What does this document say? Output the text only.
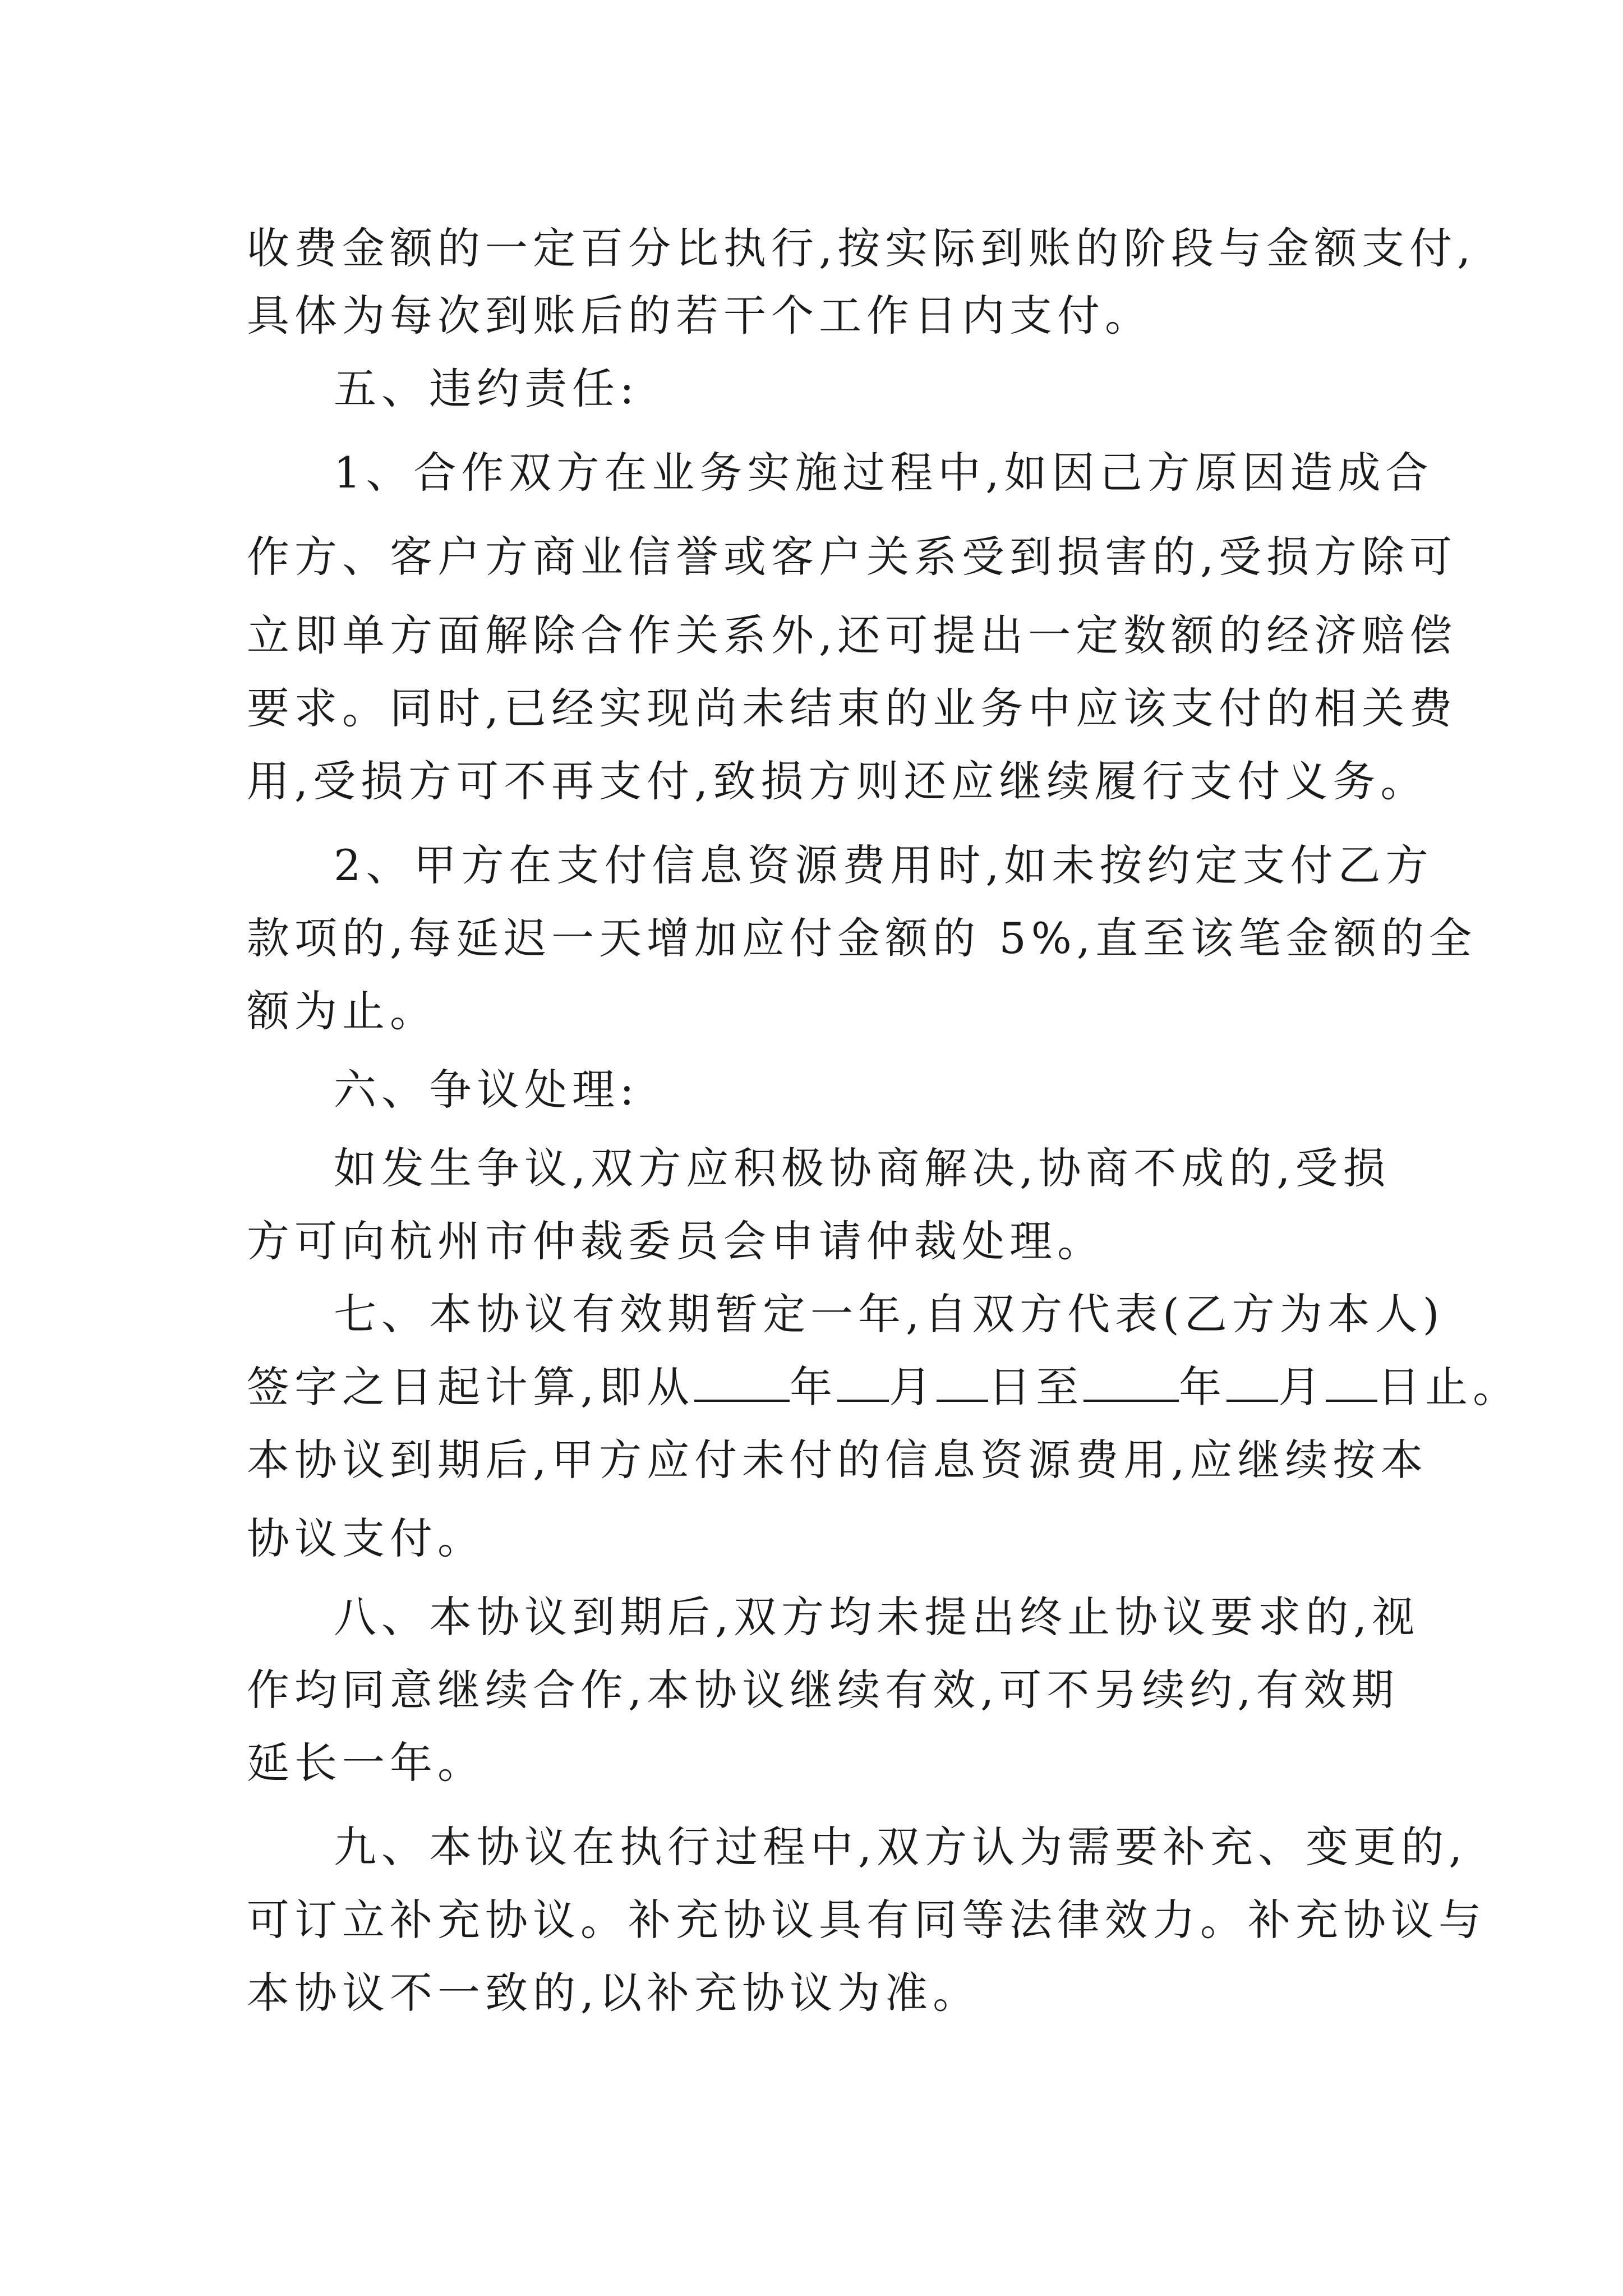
收费金额的一定百分比执行,按实际到账的阶段与金额支付,
具体为每次到账后的若干个工作日内支付。
五、违约责任:
1、合作双方在业务实施过程中,如因己方原因造成合
作方、客户方商业信誉或客户关系受到损害的,受损方除可
立即单方面解除合作关系外,还可提出一定数额的经济赔偿
要求。同时,已经实现尚未结束的业务中应该支付的相关费
用,受损方可不再支付,致损方则还应继续履行支付义务。
2、甲方在支付信息资源费用时,如未按约定支付乙方
款项的,每延迟一天增加应付金额的 5%,直至该笔金额的全
额为止。
六、争议处理:
如发生争议,双方应积极协商解决,协商不成的,受损
方可向杭州市仲裁委员会申请仲裁处理。
七、本协议有效期暂定一年,自双方代表(乙方为本人)
签字之日起计算,即从 年 月 日至 年 月 日止。
本协议到期后,甲方应付未付的信息资源费用,应继续按本
协议支付。
八、本协议到期后,双方均未提出终止协议要求的,视
作均同意继续合作,本协议继续有效,可不另续约,有效期
延长一年。
九、本协议在执行过程中,双方认为需要补充、变更的,
可订立补充协议。补充协议具有同等法律效力。补充协议与
本协议不一致的,以补充协议为准。
